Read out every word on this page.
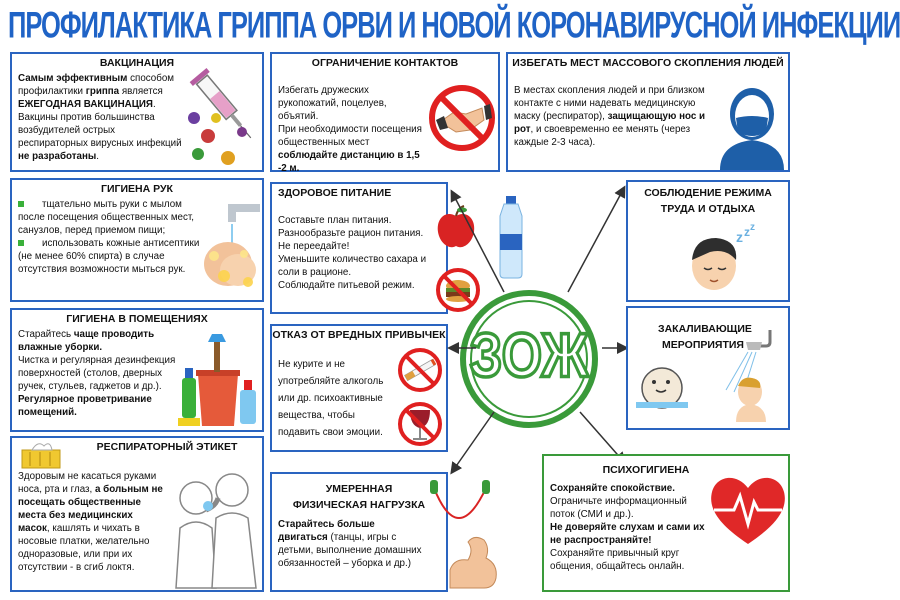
ПРОФИЛАКТИКА ГРИППА ОРВИ И НОВОЙ КОРОНАВИРУСНОЙ ИНФЕКЦИИ
ВАКЦИНАЦИЯ

Самым эффективным способом профилактики гриппа является ЕЖЕГОДНАЯ ВАКЦИНАЦИЯ.

Вакцины против большинства возбудителей острых респираторных вирусных инфекций не разработаны.

ОГРАНИЧЕНИЕ КОНТАКТОВ

Избегать дружеских рукопожатий, поцелуев, объятий.

При необходимости посещения общественных мест соблюдайте дистанцию в 1,5 -2 м.

ИЗБЕГАТЬ МЕСТ МАССОВОГО СКОПЛЕНИЯ ЛЮДЕЙ

В местах скопления людей и при близком контакте с ними надевать медицинскую маску (респиратор), защищающую нос и рот, и своевременно ее менять (через каждые 2-3 часа).

ГИГИЕНА РУК

тщательно мыть руки с мылом после посещения общественных мест, санузлов, перед приемом пищи;

использовать кожные антисептики (не менее 60% спирта) в случае отсутствия возможности мыться рук.

ЗДОРОВОЕ ПИТАНИЕ

Составьте план питания.

Разнообразьте рацион питания.

Не переедайте!

Уменьшите количество сахара и соли в рационе.

Соблюдайте питьевой режим.

СОБЛЮДЕНИЕ РЕЖИМА ТРУДА И ОТДЫХА
z z z
ГИГИЕНА В ПОМЕЩЕНИЯХ

Старайтесь чаще проводить влажные уборки.

Чистка и регулярная дезинфекция поверхностей (столов, дверных ручек, стульев, гаджетов и др.).

Регулярное проветривание помещений.

ОТКАЗ ОТ ВРЕДНЫХ ПРИВЫЧЕК

Не курите и не употребляйте алкоголь или др. психоактивные вещества, чтобы подавить свои эмоции.

ЗОЖ	ЗАКАЛИВАЮЩИЕ МЕРОПРИЯТИЯ
РЕСПИРАТОРНЫЙ ЭТИКЕТ

Здоровым не касаться руками носа, рта и глаз, а больным не посещать общественные места без медицинских масок, кашлять и чихать в носовые платки, желательно одноразовые, или при их отсутствии - в сгиб локтя.

УМЕРЕННАЯ ФИЗИЧЕСКАЯ НАГРУЗКА

Старайтесь больше двигаться (танцы, игры с детьми, выполнение домашних обязанностей – уборка и др.)

ПСИХОГИГИЕНА

Сохраняйте спокойствие.

Ограничьте информационный поток (СМИ и др.).

Не доверяйте слухам и сами их не распространяйте!

Сохраняйте привычный круг общения, общайтесь онлайн.
